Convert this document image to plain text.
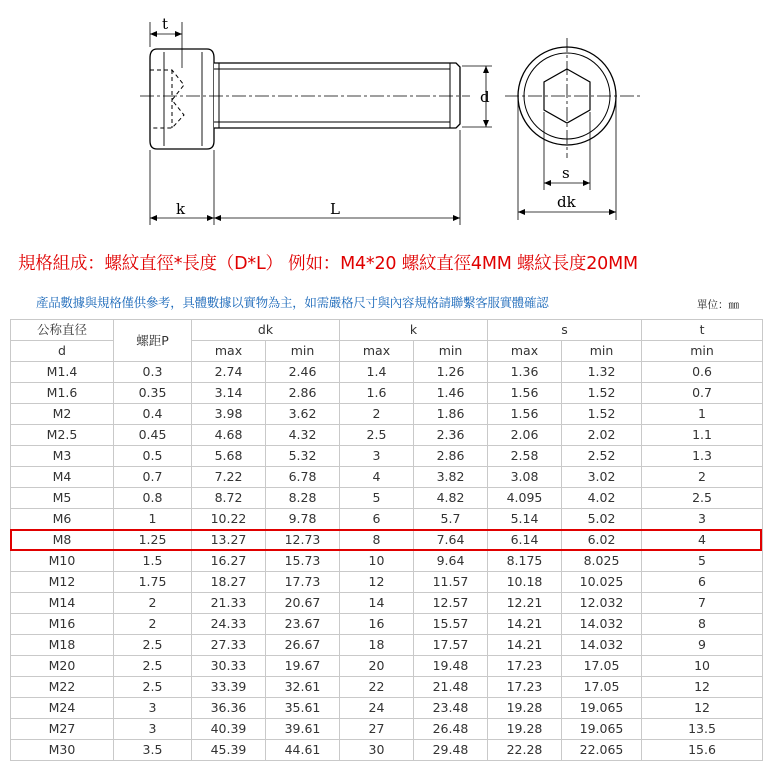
t
d
k	L
s
dk
規格組成：螺紋直徑*長度（D*L） 例如：M4*20 螺紋直徑4MM 螺紋長度20MM
產品數據與規格僅供參考，具體數據以實物為主，如需嚴格尺寸與內容規格請聯繫客服實體確認	單位：㎜
公称直径	螺距P	dk		k		s		t
d		max	min	max	min	max	min	min
M1.4	0.3	2.74	2.46	1.4	1.26	1.36	1.32	0.6
M1.6	0.35	3.14	2.86	1.6	1.46	1.56	1.52	0.7
M2	0.4	3.98	3.62	2	1.86	1.56	1.52	1
M2.5	0.45	4.68	4.32	2.5	2.36	2.06	2.02	1.1
M3	0.5	5.68	5.32	3	2.86	2.58	2.52	1.3
M4	0.7	7.22	6.78	4	3.82	3.08	3.02	2
M5	0.8	8.72	8.28	5	4.82	4.095	4.02	2.5
M6	1	10.22	9.78	6	5.7	5.14	5.02	3
M8	1.25	13.27	12.73	8	7.64	6.14	6.02	4
M10	1.5	16.27	15.73	10	9.64	8.175	8.025	5
M12	1.75	18.27	17.73	12	11.57	10.18	10.025	6
M14	2	21.33	20.67	14	12.57	12.21	12.032	7
M16	2	24.33	23.67	16	15.57	14.21	14.032	8
M18	2.5	27.33	26.67	18	17.57	14.21	14.032	9
M20	2.5	30.33	19.67	20	19.48	17.23	17.05	10
M22	2.5	33.39	32.61	22	21.48	17.23	17.05	12
M24	3	36.36	35.61	24	23.48	19.28	19.065	12
M27	3	40.39	39.61	27	26.48	19.28	19.065	13.5
M30	3.5	45.39	44.61	30	29.48	22.28	22.065	15.6
